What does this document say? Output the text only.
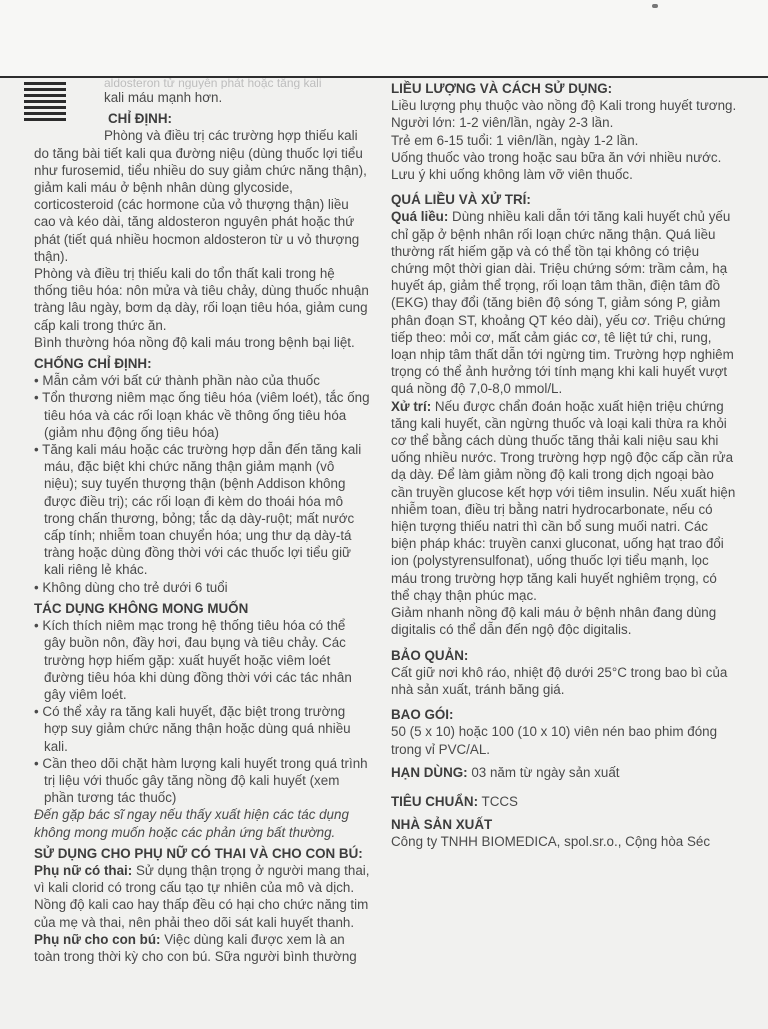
aldosteron tử nguyên phát hoặc tăng kali

kali máu mạnh hơn.

CHỈ ĐỊNH:

Phòng và điều trị các trường hợp thiếu kali do tăng bài tiết kali qua đường niệu (dùng thuốc lợi tiểu như furosemid, tiểu nhiều do suy giảm chức năng thận), giảm kali máu ở bệnh nhân dùng glycoside, corticosteroid (các hormone của vỏ thượng thận) liều cao và kéo dài, tăng aldosteron nguyên phát hoặc thứ phát (tiết quá nhiều hocmon aldosteron từ u vỏ thượng thận).

Phòng và điều trị thiếu kali do tổn thất kali trong hệ thống tiêu hóa: nôn mửa và tiêu chảy, dùng thuốc nhuận tràng lâu ngày, bơm dạ dày, rối loạn tiêu hóa, giảm cung cấp kali trong thức ăn.

Bình thường hóa nồng độ kali máu trong bệnh bại liệt.

CHỐNG CHỈ ĐỊNH:

• Mẫn cảm với bất cứ thành phần nào của thuốc

• Tổn thương niêm mạc ống tiêu hóa (viêm loét), tắc ống tiêu hóa và các rối loạn khác về thông ống tiêu hóa (giảm nhu động ống tiêu hóa)

• Tăng kali máu hoặc các trường hợp dẫn đến tăng kali máu, đặc biệt khi chức năng thận giảm mạnh (vô niệu); suy tuyến thượng thận (bệnh Addison không được điều trị); các rối loạn đi kèm do thoái hóa mô trong chấn thương, bỏng; tắc dạ dày-ruột; mất nước cấp tính; nhiễm toan chuyển hóa; ung thư dạ dày-tá tràng hoặc dùng đồng thời với các thuốc lợi tiểu giữ kali riêng lẻ khác.

• Không dùng cho trẻ dưới 6 tuổi

TÁC DỤNG KHÔNG MONG MUỐN

• Kích thích niêm mạc trong hệ thống tiêu hóa có thể gây buồn nôn, đầy hơi, đau bụng và tiêu chảy. Các trường hợp hiếm gặp: xuất huyết hoặc viêm loét đường tiêu hóa khi dùng đồng thời với các tác nhân gây viêm loét.

• Có thể xảy ra tăng kali huyết, đặc biệt trong trường hợp suy giảm chức năng thận hoặc dùng quá nhiều kali.

• Cần theo dõi chặt hàm lượng kali huyết trong quá trình trị liệu với thuốc gây tăng nồng độ kali huyết (xem phần tương tác thuốc)

Đến gặp bác sĩ ngay nếu thấy xuất hiện các tác dụng không mong muốn hoặc các phản ứng bất thường.

SỬ DỤNG CHO PHỤ NỮ CÓ THAI VÀ CHO CON BÚ:

Phụ nữ có thai: Sử dụng thận trọng ở người mang thai, vì kali clorid có trong cấu tạo tự nhiên của mô và dịch. Nồng độ kali cao hay thấp đều có hại cho chức năng tim của mẹ và thai, nên phải theo dõi sát kali huyết thanh.

Phụ nữ cho con bú: Việc dùng kali được xem là an toàn trong thời kỳ cho con bú. Sữa người bình thường

LIỀU LƯỢNG VÀ CÁCH SỬ DỤNG:

Liều lượng phụ thuộc vào nồng độ Kali trong huyết tương.

Người lớn: 1-2 viên/lần, ngày 2-3 lần.

Trẻ em 6-15 tuổi: 1 viên/lần, ngày 1-2 lần.

Uống thuốc vào trong hoặc sau bữa ăn với nhiều nước.

Lưu ý khi uống không làm vỡ viên thuốc.

QUÁ LIỀU VÀ XỬ TRÍ:

Quá liều: Dùng nhiều kali dẫn tới tăng kali huyết chủ yếu chỉ gặp ở bệnh nhân rối loạn chức năng thận. Quá liều thường rất hiếm gặp và có thể tồn tại không có triệu chứng một thời gian dài. Triệu chứng sớm: trầm cảm, hạ huyết áp, giảm thể trọng, rối loạn tâm thần, điện tâm đồ (EKG) thay đổi (tăng biên độ sóng T, giảm sóng P, giảm phân đoạn ST, khoảng QT kéo dài), yếu cơ. Triệu chứng tiếp theo: mỏi cơ, mất cảm giác cơ, tê liệt tứ chi, rung, loạn nhịp tâm thất dẫn tới ngừng tim. Trường hợp nghiêm trọng có thể ảnh hưởng tới tính mạng khi kali huyết vượt quá nồng độ 7,0-8,0 mmol/L.

Xử trí: Nếu được chẩn đoán hoặc xuất hiện triệu chứng tăng kali huyết, cần ngừng thuốc và loại kali thừa ra khỏi cơ thể bằng cách dùng thuốc tăng thải kali niệu sau khi uống nhiều nước. Trong trường hợp ngộ độc cấp cần rửa dạ dày. Để làm giảm nồng độ kali trong dịch ngoại bào cần truyền glucose kết hợp với tiêm insulin. Nếu xuất hiện nhiễm toan, điều trị bằng natri hydrocarbonate, nếu có hiện tượng thiếu natri thì cần bổ sung muối natri. Các biện pháp khác: truyền canxi gluconat, uống hạt trao đổi ion (polystyrensulfonat), uống thuốc lợi tiểu mạnh, lọc máu trong trường hợp tăng kali huyết nghiêm trọng, có thể chạy thận phúc mạc.

Giảm nhanh nồng độ kali máu ở bệnh nhân đang dùng digitalis có thể dẫn đến ngộ độc digitalis.

BẢO QUẢN:

Cất giữ nơi khô ráo, nhiệt độ dưới 25°C trong bao bì của nhà sản xuất, tránh băng giá.

BAO GÓI:

50 (5 x 10) hoặc 100 (10 x 10) viên nén bao phim đóng trong vỉ PVC/AL.

HẠN DÙNG: 03 năm từ ngày sản xuất

TIÊU CHUẨN: TCCS

NHÀ SẢN XUẤT

Công ty TNHH BIOMEDICA, spol.sr.o., Cộng hòa Séc
